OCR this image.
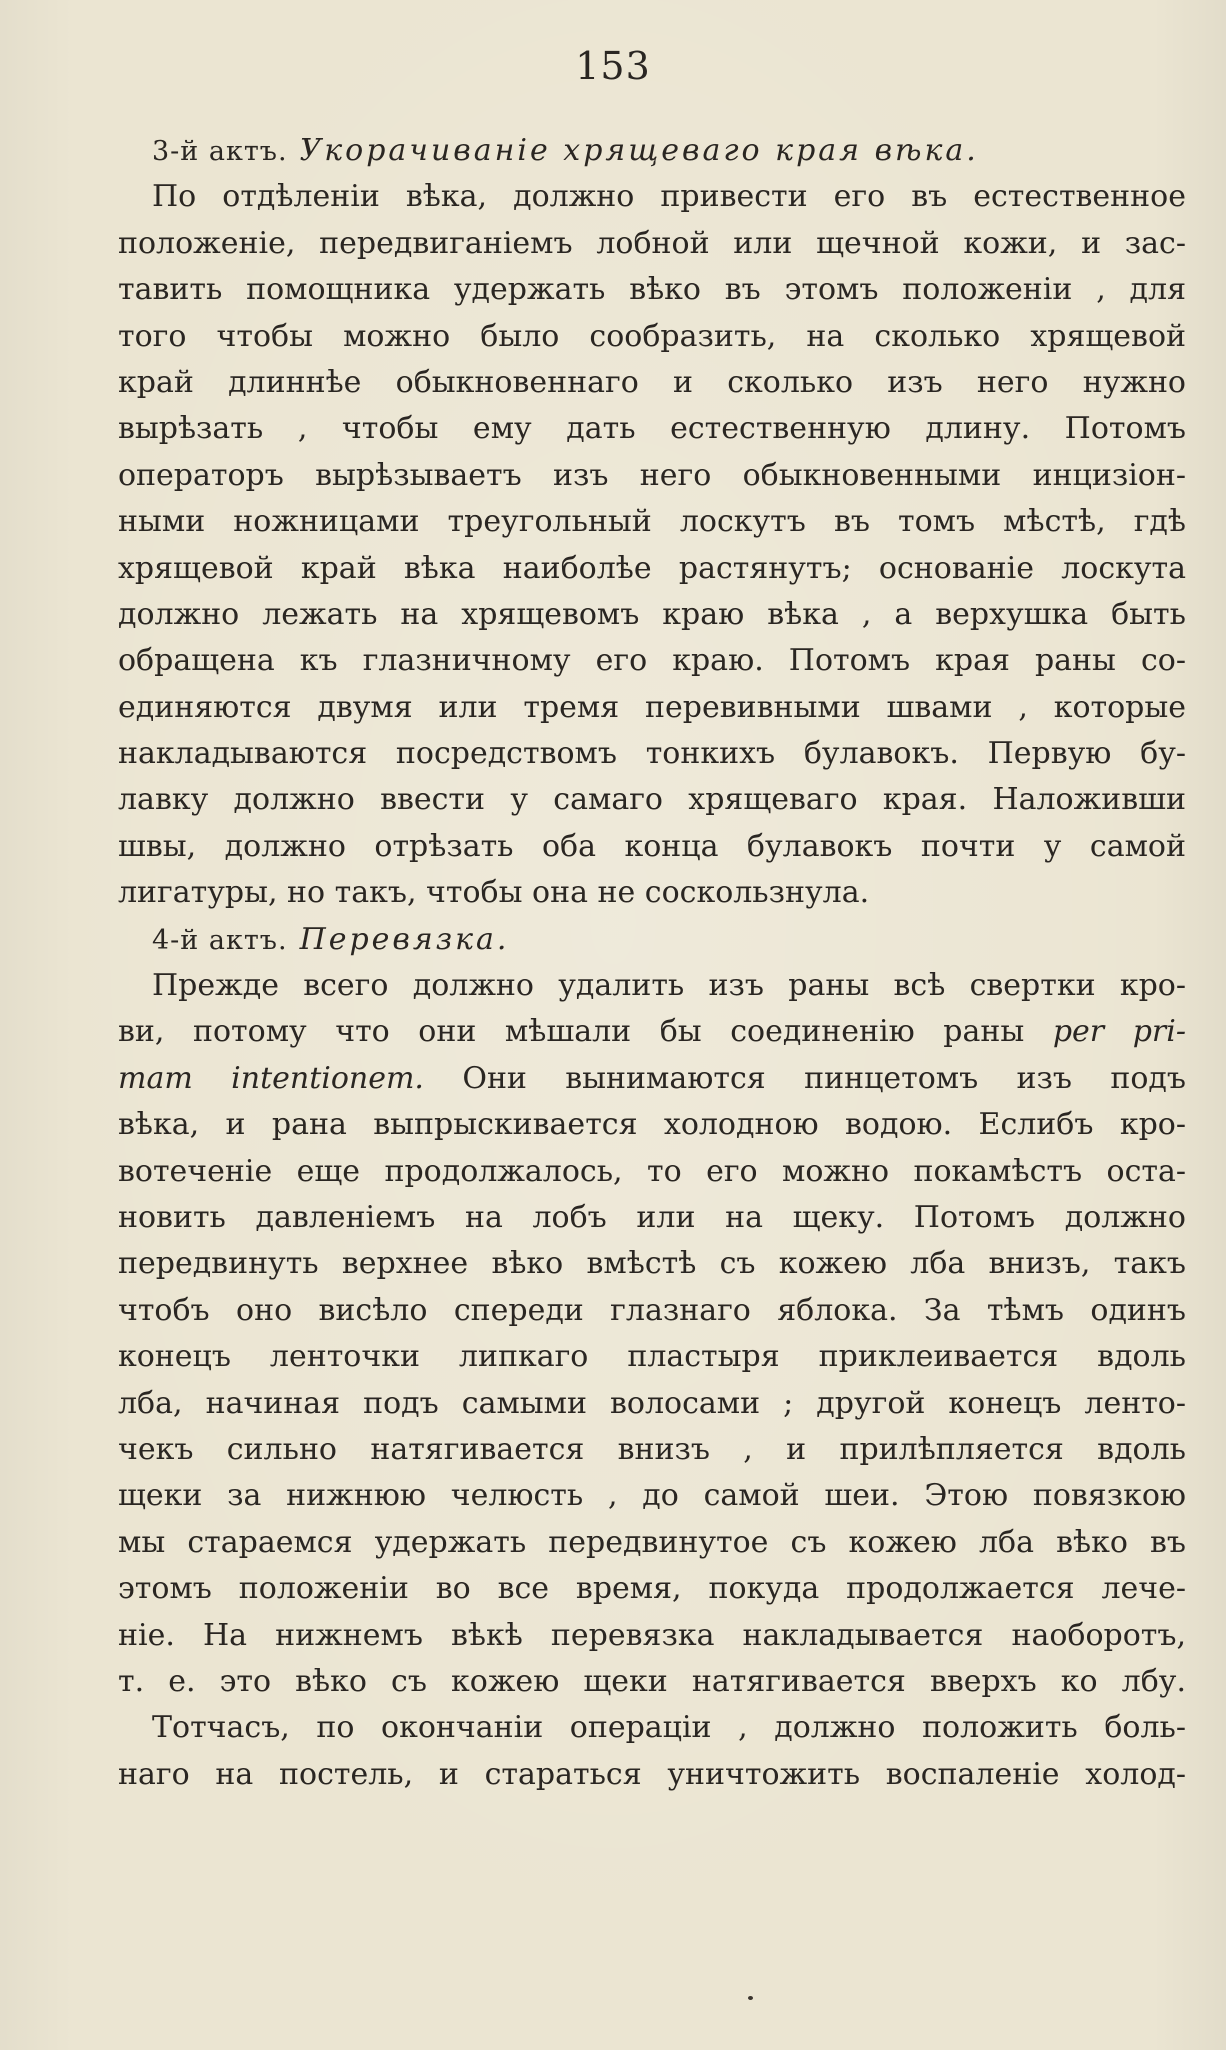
153
3-й актъ. Укорачиваніе хрящеваго края вѣка.
По отдѣленіи вѣка, должно привести его въ естественное
положеніе, передвиганіемъ лобной или щечной кожи, и зас-
тавить помощника удержать вѣко въ этомъ положеніи , для
того чтобы можно было сообразить, на сколько хрящевой
край длиннѣе обыкновеннаго и сколько изъ него нужно
вырѣзать , чтобы ему дать естественную длину. Потомъ
операторъ вырѣзываетъ изъ него обыкновенными инцизіон-
ными ножницами треугольный лоскутъ въ томъ мѣстѣ, гдѣ
хрящевой край вѣка наиболѣе растянутъ; основаніе лоскута
должно лежать на хрящевомъ краю вѣка , а верхушка быть
обращена къ глазничному его краю. Потомъ края раны со-
единяются двумя или тремя перевивными швами , которые
накладываются посредствомъ тонкихъ булавокъ. Первую бу-
лавку должно ввести у самаго хрящеваго края. Наложивши
швы, должно отрѣзать оба конца булавокъ почти у самой
лигатуры, но такъ, чтобы она не соскользнула.
4-й актъ. Перевязка.
Прежде всего должно удалить изъ раны всѣ свертки кро-
ви, потому что они мѣшали бы соединенію раны per pri-
mam intentionem. Они вынимаются пинцетомъ изъ подъ
вѣка, и рана выпрыскивается холодною водою. Еслибъ кро-
вотеченіе еще продолжалось, то его можно покамѣстъ оста-
новить давленіемъ на лобъ или на щеку. Потомъ должно
передвинуть верхнее вѣко вмѣстѣ съ кожею лба внизъ, такъ
чтобъ оно висѣло спереди глазнаго яблока. За тѣмъ одинъ
конецъ ленточки липкаго пластыря приклеивается вдоль
лба, начиная подъ самыми волосами ; другой конецъ ленто-
чекъ сильно натягивается внизъ , и прилѣпляется вдоль
щеки за нижнюю челюсть , до самой шеи. Этою повязкою
мы стараемся удержать передвинутое съ кожею лба вѣко въ
этомъ положеніи во все время, покуда продолжается лече-
ніе. На нижнемъ вѣкѣ перевязка накладывается наоборотъ,
т. е. это вѣко съ кожею щеки натягивается вверхъ ко лбу.
Тотчасъ, по окончаніи операціи , должно положить боль-
наго на постель, и стараться уничтожить воспаленіе холод-
